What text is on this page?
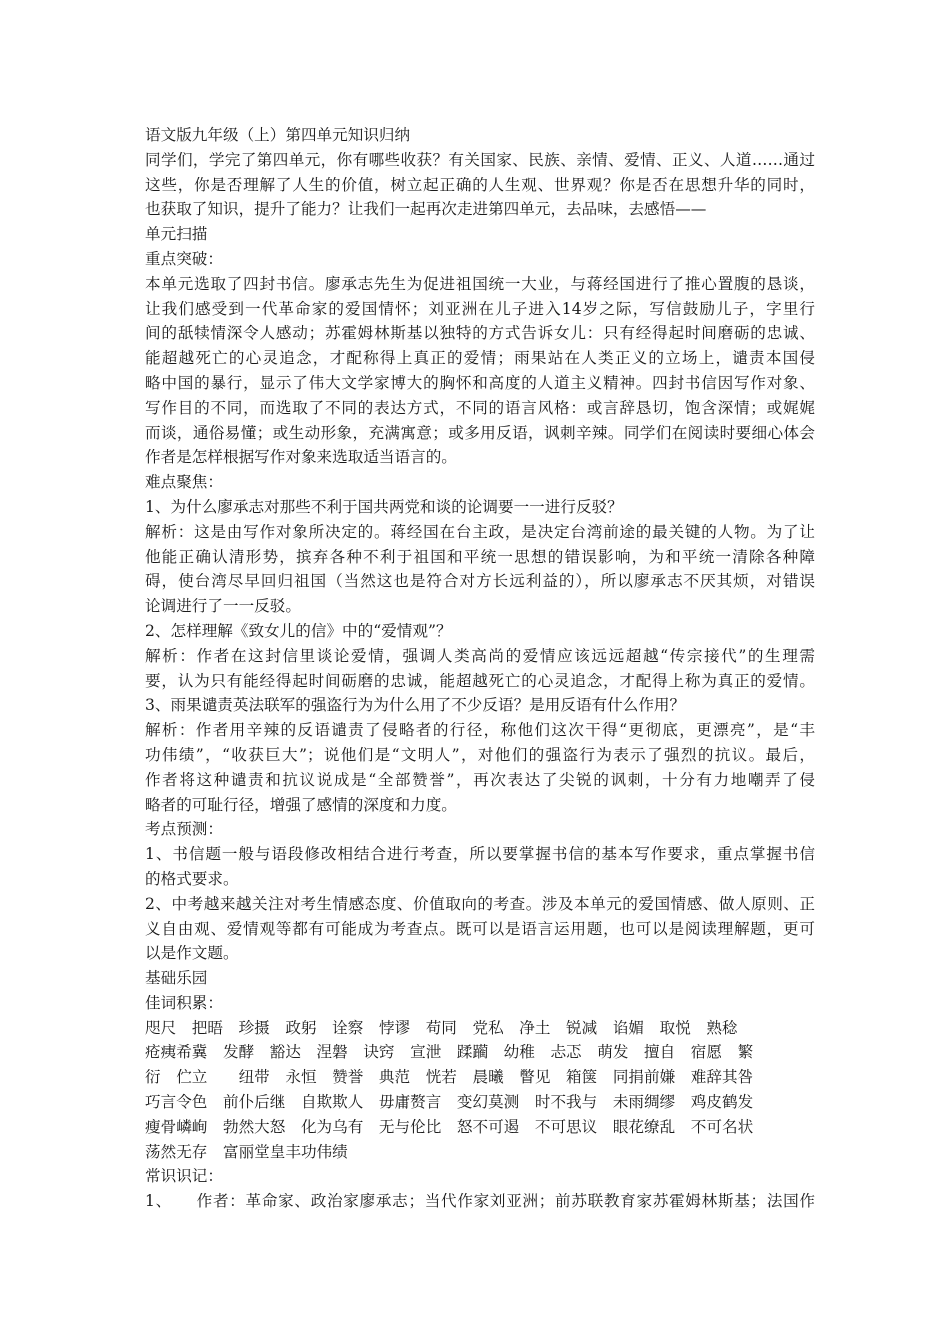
语文版九年级（上）第四单元知识归纳
同学们，学完了第四单元，你有哪些收获？有关国家、民族、亲情、爱情、正义、人道……通过
这些，你是否理解了人生的价值，树立起正确的人生观、世界观？你是否在思想升华的同时，
也获取了知识，提升了能力？让我们一起再次走进第四单元，去品味，去感悟——
单元扫描
重点突破：
本单元选取了四封书信。廖承志先生为促进祖国统一大业，与蒋经国进行了推心置腹的恳谈，
让我们感受到一代革命家的爱国情怀；刘亚洲在儿子进入14岁之际，写信鼓励儿子，字里行
间的舐犊情深令人感动；苏霍姆林斯基以独特的方式告诉女儿：只有经得起时间磨砺的忠诚、
能超越死亡的心灵追念，才配称得上真正的爱情；雨果站在人类正义的立场上，谴责本国侵
略中国的暴行，显示了伟大文学家博大的胸怀和高度的人道主义精神。四封书信因写作对象、
写作目的不同，而选取了不同的表达方式，不同的语言风格：或言辞恳切，饱含深情；或娓娓
而谈，通俗易懂；或生动形象，充满寓意；或多用反语，讽刺辛辣。同学们在阅读时要细心体会
作者是怎样根据写作对象来选取适当语言的。
难点聚焦：
1、为什么廖承志对那些不利于国共两党和谈的论调要一一进行反驳？
解析：这是由写作对象所决定的。蒋经国在台主政，是决定台湾前途的最关键的人物。为了让
他能正确认清形势，摈弃各种不利于祖国和平统一思想的错误影响，为和平统一清除各种障
碍，使台湾尽早回归祖国（当然这也是符合对方长远利益的），所以廖承志不厌其烦，对错误
论调进行了一一反驳。
2、怎样理解《致女儿的信》中的“爱情观”？
解析：作者在这封信里谈论爱情，强调人类高尚的爱情应该远远超越“传宗接代”的生理需
要，认为只有能经得起时间砺磨的忠诚，能超越死亡的心灵追念，才配得上称为真正的爱情。
3、雨果谴责英法联军的强盗行为为什么用了不少反语？是用反语有什么作用？
解析：作者用辛辣的反语谴责了侵略者的行径，称他们这次干得“更彻底，更漂亮”，是“丰
功伟绩”，“收获巨大”；说他们是“文明人”，对他们的强盗行为表示了强烈的抗议。最后，
作者将这种谴责和抗议说成是“全部赞誉”，再次表达了尖锐的讽刺，十分有力地嘲弄了侵
略者的可耻行径，增强了感情的深度和力度。
考点预测：
1、书信题一般与语段修改相结合进行考查，所以要掌握书信的基本写作要求，重点掌握书信
的格式要求。
2、中考越来越关注对考生情感态度、价值取向的考查。涉及本单元的爱国情感、做人原则、正
义自由观、爱情观等都有可能成为考查点。既可以是语言运用题，也可以是阅读理解题，更可
以是作文题。
基础乐园
佳词积累：
咫尺　把晤　珍摄　政躬　诠察　悖谬　苟同　党私　净土　锐减　谄媚　取悦　熟稔
疮痍希冀　发酵　豁达　涅磐　诀窍　宣泄　蹂躏　幼稚　忐忑　萌发　擅自　宿愿　繁
衍　伫立　　纽带　永恒　赞誉　典范　恍若　晨曦　瞥见　箱箧　同捐前嫌　难辞其咎
巧言令色　前仆后继　自欺欺人　毋庸赘言　变幻莫测　时不我与　未雨绸缪　鸡皮鹤发
瘦骨嶙峋　勃然大怒　化为乌有　无与伦比　怒不可遏　不可思议　眼花缭乱　不可名状
荡然无存　富丽堂皇丰功伟绩
常识识记：
1、　　作者：革命家、政治家廖承志；当代作家刘亚洲；前苏联教育家苏霍姆林斯基；法国作
